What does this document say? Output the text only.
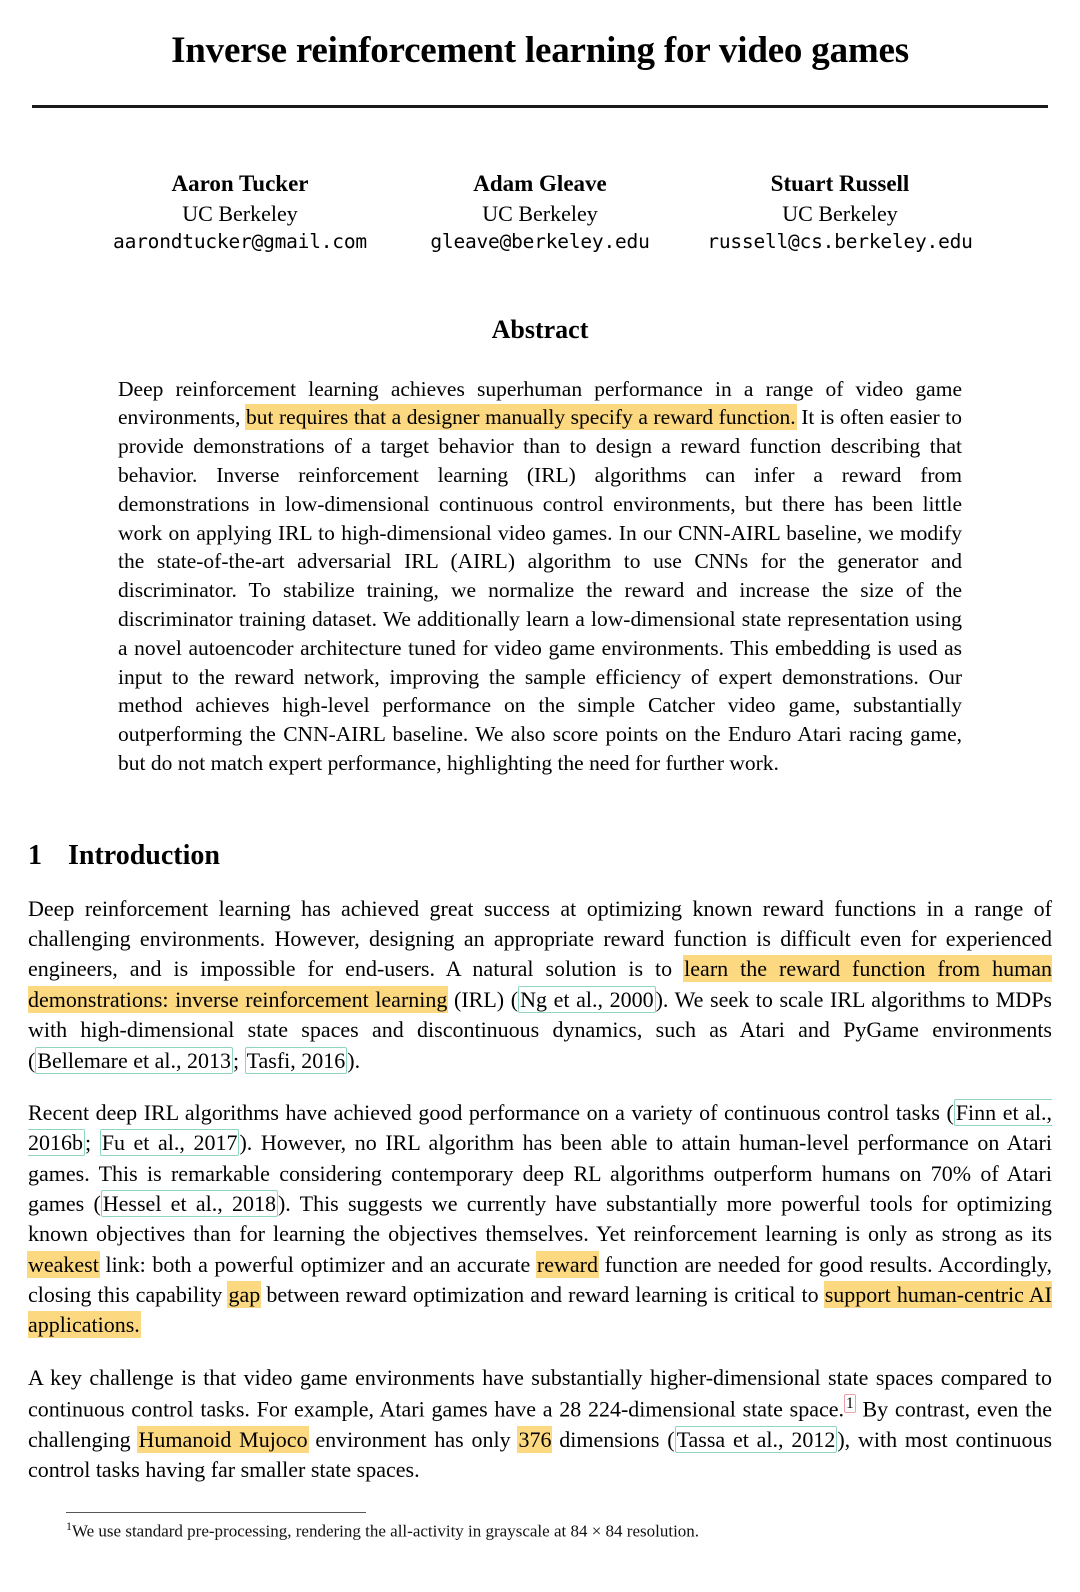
Inverse reinforcement learning for video games
Aaron Tucker
UC Berkeley
aarondtucker@gmail.com
Adam Gleave
UC Berkeley
gleave@berkeley.edu
Stuart Russell
UC Berkeley
russell@cs.berkeley.edu
Abstract
Deep reinforcement learning achieves superhuman performance in a range of video game environments, but requires that a designer manually specify a reward function. It is often easier to provide demonstrations of a target behavior than to design a reward function describing that behavior. Inverse reinforcement learning (IRL) algorithms can infer a reward from demonstrations in low-dimensional continuous control environments, but there has been little work on applying IRL to high-dimensional video games. In our CNN-AIRL baseline, we modify the state-of-the-art adversarial IRL (AIRL) algorithm to use CNNs for the generator and discriminator. To stabilize training, we normalize the reward and increase the size of the discriminator training dataset. We additionally learn a low-dimensional state representation using a novel autoencoder architecture tuned for video game environments. This embedding is used as input to the reward network, improving the sample efficiency of expert demonstrations. Our method achieves high-level performance on the simple Catcher video game, substantially outperforming the CNN-AIRL baseline. We also score points on the Enduro Atari racing game, but do not match expert performance, highlighting the need for further work.
1 Introduction

Deep reinforcement learning has achieved great success at optimizing known reward functions in a range of challenging environments. However, designing an appropriate reward function is difficult even for experienced engineers, and is impossible for end-users. A natural solution is to learn the reward function from human demonstrations: inverse reinforcement learning (IRL) (Ng et al., 2000). We seek to scale IRL algorithms to MDPs with high-dimensional state spaces and discontinuous dynamics, such as Atari and PyGame environments (Bellemare et al., 2013; Tasfi, 2016).

Recent deep IRL algorithms have achieved good performance on a variety of continuous control tasks (Finn et al., 2016b; Fu et al., 2017). However, no IRL algorithm has been able to attain human-level performance on Atari games. This is remarkable considering contemporary deep RL algorithms outperform humans on 70% of Atari games (Hessel et al., 2018). This suggests we currently have substantially more powerful tools for optimizing known objectives than for learning the objectives themselves. Yet reinforcement learning is only as strong as its weakest link: both a powerful optimizer and an accurate reward function are needed for good results. Accordingly, closing this capability gap between reward optimization and reward learning is critical to support human-centric AI applications.

A key challenge is that video game environments have substantially higher-dimensional state spaces compared to continuous control tasks. For example, Atari games have a 28 224-dimensional state space. $^1$ By contrast, even the challenging Humanoid Mujoco environment has only 376 dimensions (Tassa et al., 2012), with most continuous control tasks having far smaller state spaces.

$^1$We use standard pre-processing, rendering the all-activity in grayscale at 84 × 84 resolution.
